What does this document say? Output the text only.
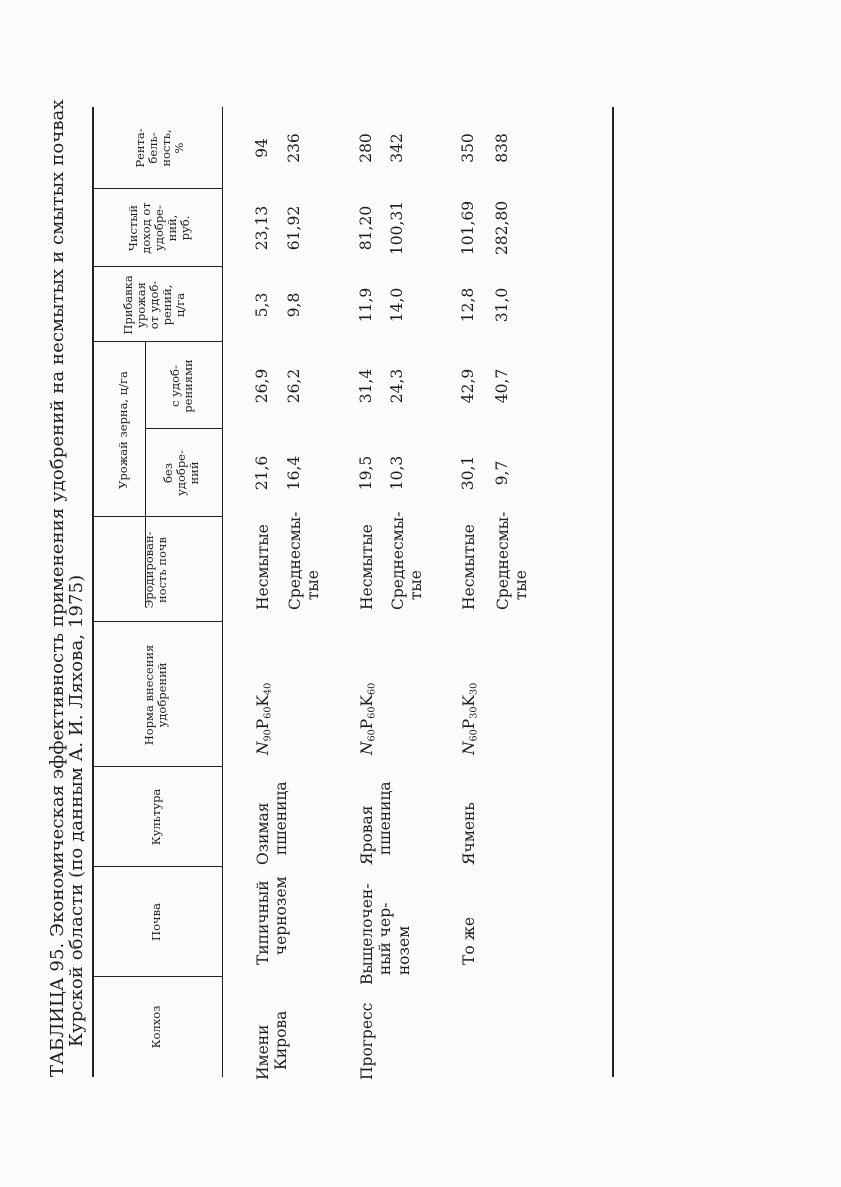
ТАБЛИЦА 95. Экономическая эффективность применения удобрений на несмытых и смытых почвах
Курской области (по данным А. И. Ляхова, 1975)	Колхоз
Почва
Культура
Норма внесения
удобрений
Эродирован-
ность почв
Урожай зерна, ц/га	без
удобре-
ний
с удоб-
рениями
Прибавка
урожая
от удоб-
рений,
ц/га
Чистый
доход от
удобре-
ний,
руб.
Рента-
бель-
ность,
%
Имени
Кирова
Типичный
чернозем
Озимая
пшеница
$N_{90}P_{60}K_{40}$
Несмытые
21,6
26,9
5,3
23,13
94
Среднесмы-
тые
16,4
26,2
9,8
61,92
236
Прогресс
Выщелочен-
ный чер-
нозем
Яровая
пшеница
$N_{60}P_{60}K_{60}$
Несмытые
19,5
31,4
11,9
81,20
280
Среднесмы-
тые
10,3
24,3
14,0
100,31
342
То же
Ячмень
$N_{60}P_{30}K_{30}$
Несмытые
30,1
42,9
12,8
101,69
350
Среднесмы-
тые
9,7
40,7
31,0
282,80
838
